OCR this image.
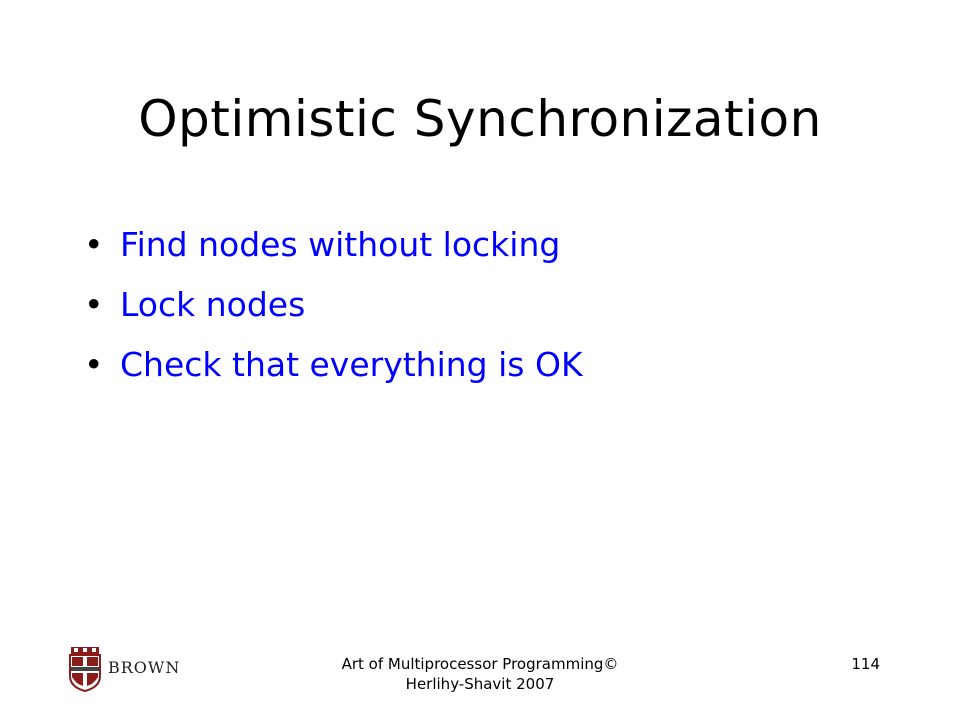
Optimistic Synchronization
• Find nodes without locking
• Lock nodes
• Check that everything is OK
BROWN	Art of Multiprocessor Programming© Herlihy-Shavit 2007
114
